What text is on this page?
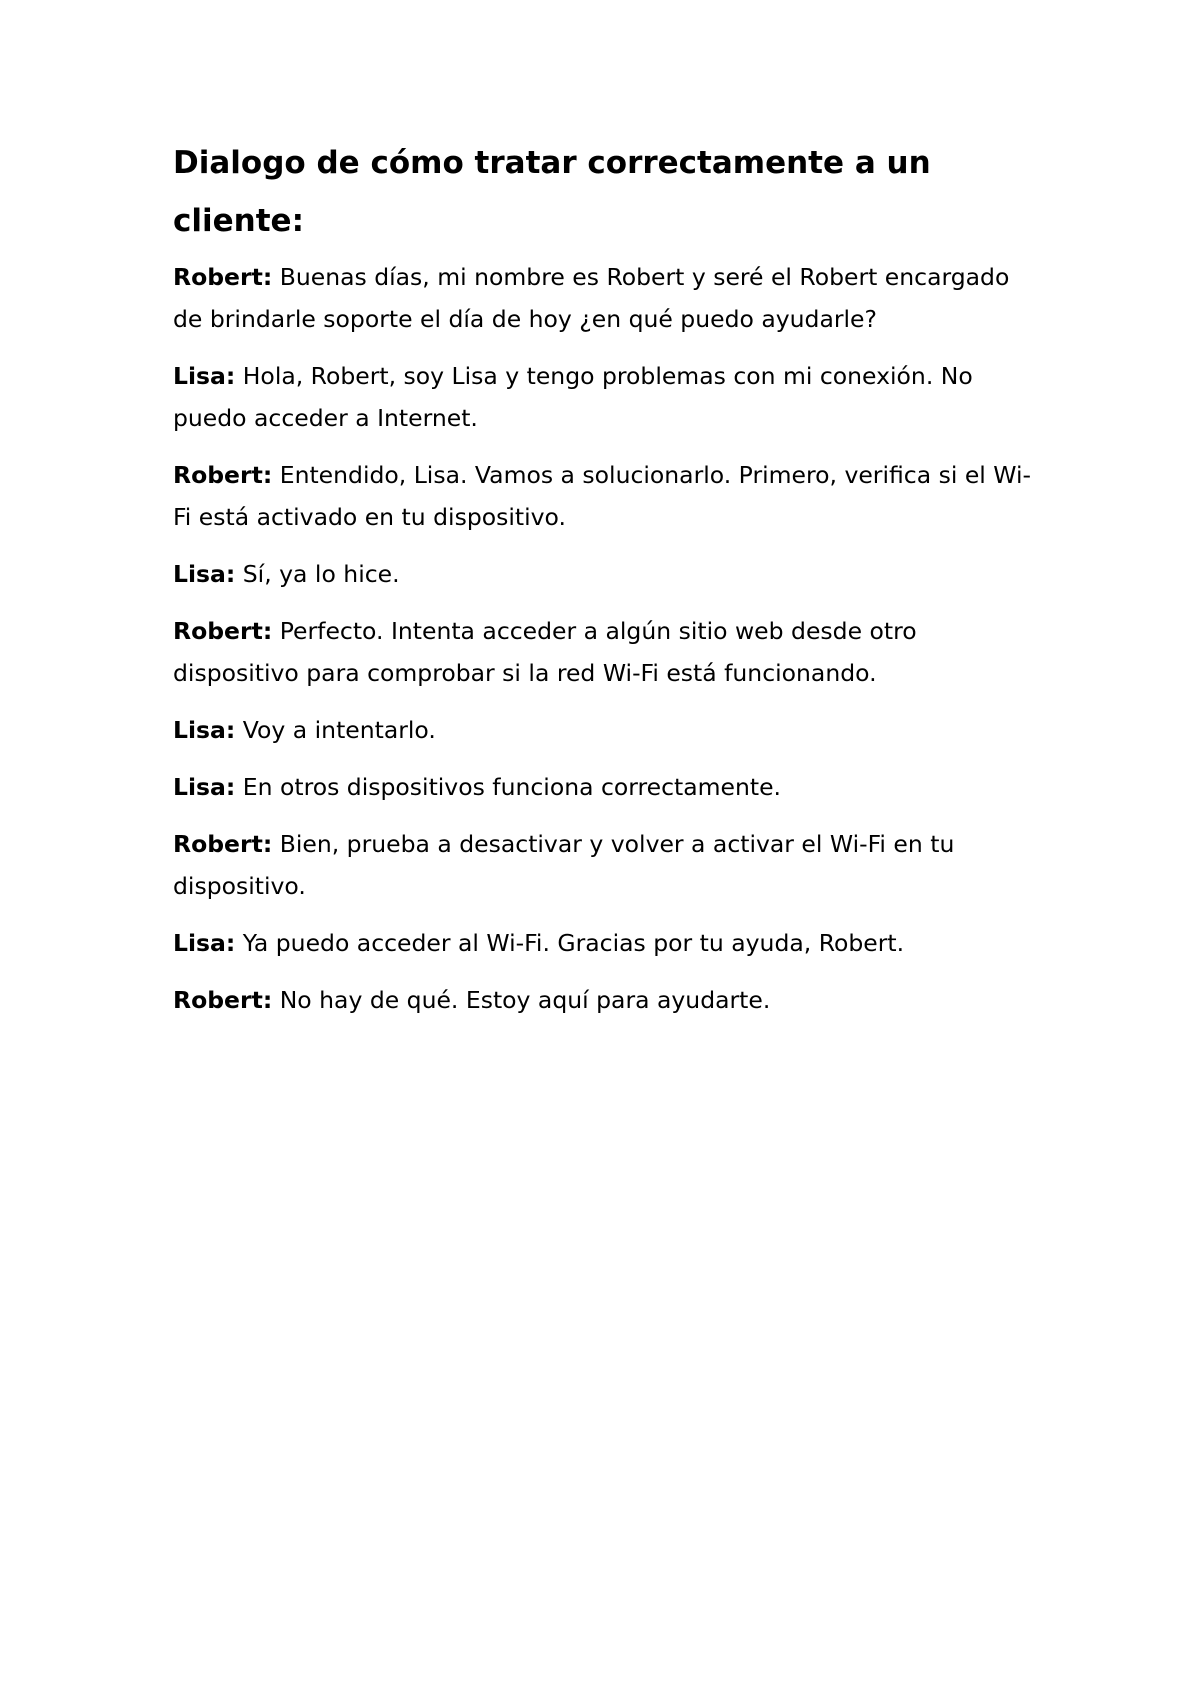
Dialogo de cómo tratar correctamente a un cliente:

Robert: Buenas días, mi nombre es Robert y seré el Robert encargado de brindarle soporte el día de hoy ¿en qué puedo ayudarle?

Lisa: Hola, Robert, soy Lisa y tengo problemas con mi conexión. No puedo acceder a Internet.

Robert: Entendido, Lisa. Vamos a solucionarlo. Primero, verifica si el Wi-Fi está activado en tu dispositivo.

Lisa: Sí, ya lo hice.

Robert: Perfecto. Intenta acceder a algún sitio web desde otro dispositivo para comprobar si la red Wi-Fi está funcionando.

Lisa: Voy a intentarlo.

Lisa: En otros dispositivos funciona correctamente.

Robert: Bien, prueba a desactivar y volver a activar el Wi-Fi en tu dispositivo.

Lisa: Ya puedo acceder al Wi-Fi. Gracias por tu ayuda, Robert.

Robert: No hay de qué. Estoy aquí para ayudarte.
